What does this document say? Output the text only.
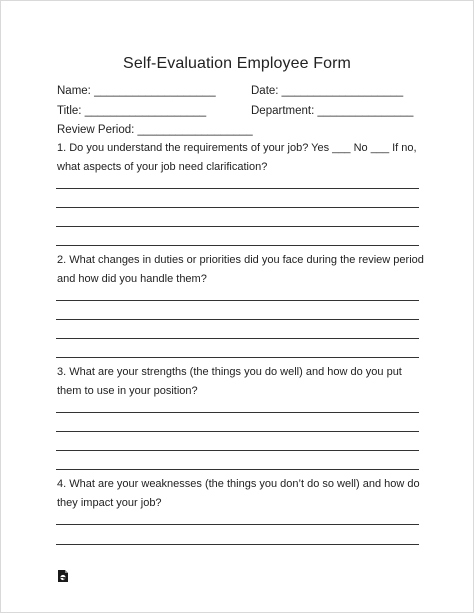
Self-Evaluation Employee Form
Name: ___________________	Date: ___________________
Title: ___________________	Department: _______________
Review Period: __________________
1. Do you understand the requirements of your job? Yes ___ No ___ If no,
what aspects of your job need clarification?
2. What changes in duties or priorities did you face during the review period
and how did you handle them?
3. What are your strengths (the things you do well) and how do you put
them to use in your position?
4. What are your weaknesses (the things you don’t do so well) and how do
they impact your job?
